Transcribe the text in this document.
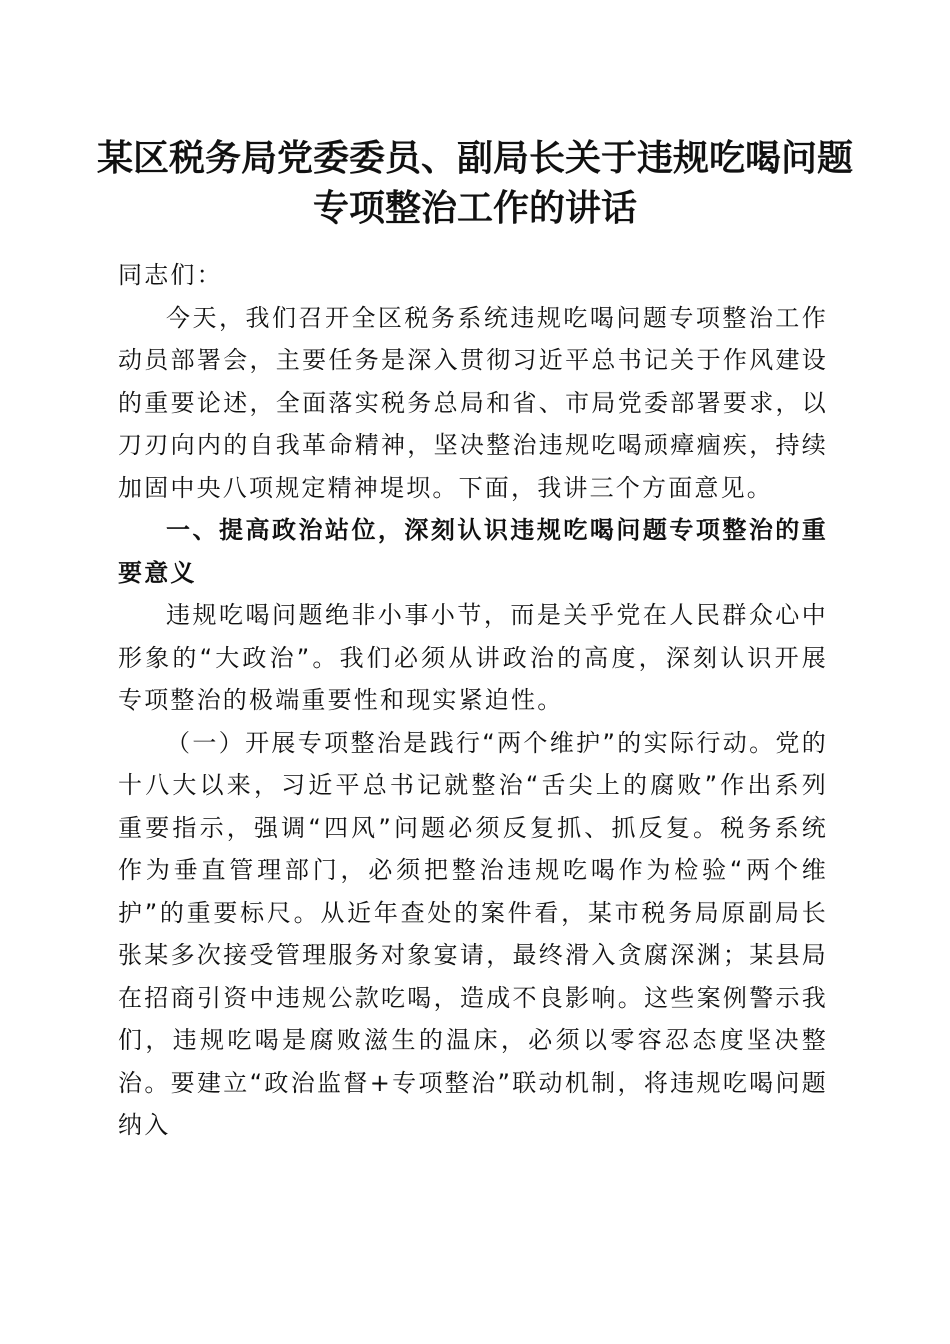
某区税务局党委委员、副局长关于违规吃喝问题专项整治工作的讲话

同志们：

今天，我们召开全区税务系统违规吃喝问题专项整治工作动员部署会，主要任务是深入贯彻习近平总书记关于作风建设的重要论述，全面落实税务总局和省、市局党委部署要求，以刀刃向内的自我革命精神，坚决整治违规吃喝顽瘴痼疾，持续加固中央八项规定精神堤坝。下面，我讲三个方面意见。

一、提高政治站位，深刻认识违规吃喝问题专项整治的重要意义

违规吃喝问题绝非小事小节，而是关乎党在人民群众心中形象的“大政治”。我们必须从讲政治的高度，深刻认识开展专项整治的极端重要性和现实紧迫性。

（一）开展专项整治是践行“两个维护”的实际行动。党的十八大以来，习近平总书记就整治“舌尖上的腐败”作出系列重要指示，强调“四风”问题必须反复抓、抓反复。税务系统作为垂直管理部门，必须把整治违规吃喝作为检验“两个维护”的重要标尺。从近年查处的案件看，某市税务局原副局长张某多次接受管理服务对象宴请，最终滑入贪腐深渊；某县局在招商引资中违规公款吃喝，造成不良影响。这些案例警示我们，违规吃喝是腐败滋生的温床，必须以零容忍态度坚决整治。要建立“政治监督+专项整治”联动机制，将违规吃喝问题纳入
